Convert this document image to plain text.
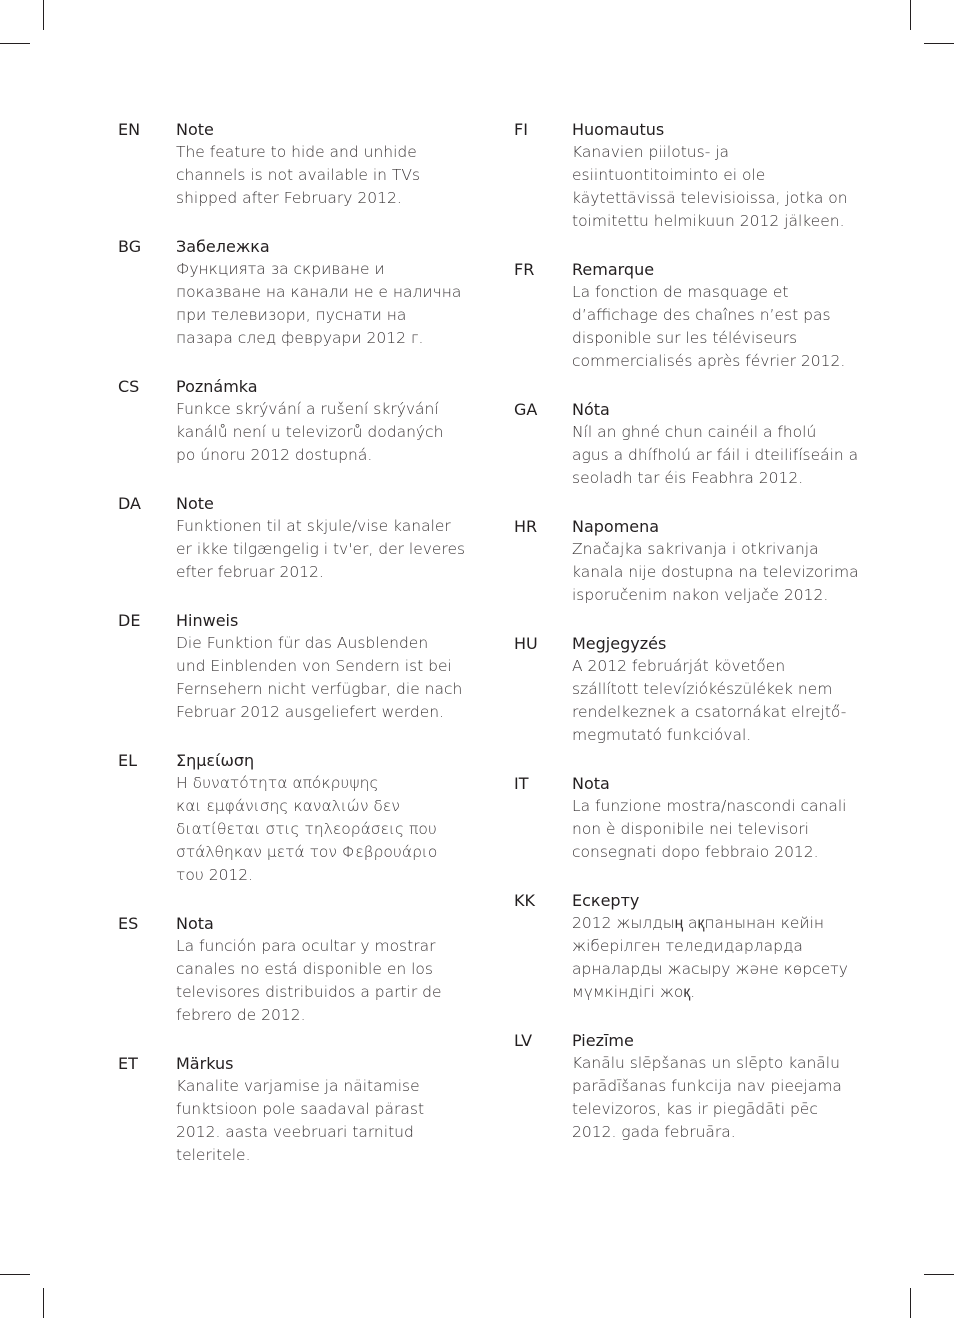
EN	Note
The feature to hide and unhide
channels is not available in TVs
shipped after February 2012.
BG	Забележка
Функцията за скриване и
показване на канали не е налична
при телевизори, пуснати на
пазара след февруари 2012 г.
CS	Poznámka
Funkce skrývání a rušení skrývání
kanálů není u televizorů dodaných
po únoru 2012 dostupná.
DA	Note
Funktionen til at skjule/vise kanaler
er ikke tilgængelig i tv'er, der leveres
efter februar 2012.
DE	Hinweis
Die Funktion für das Ausblenden
und Einblenden von Sendern ist bei
Fernsehern nicht verfügbar, die nach
Februar 2012 ausgeliefert werden.
EL	Σημείωση
Η δυνατότητα απόκρυψης
και εμφάνισης καναλιών δεν
διατίθεται στις τηλεοράσεις που
στάλθηκαν μετά τον Φεβρουάριο
του 2012.
ES	Nota
La función para ocultar y mostrar
canales no está disponible en los
televisores distribuidos a partir de
febrero de 2012.
ET	Märkus
Kanalite varjamise ja näitamise
funktsioon pole saadaval pärast
2012. aasta veebruari tarnitud
teleritele.
FI	Huomautus
Kanavien piilotus- ja
esiintuontitoiminto ei ole
käytettävissä televisioissa, jotka on
toimitettu helmikuun 2012 jälkeen.
FR	Remarque
La fonction de masquage et
d’affichage des chaînes n’est pas
disponible sur les téléviseurs
commercialisés après février 2012.
GA	Nóta
Níl an ghné chun cainéil a fholú
agus a dhífholú ar fáil i dteilifíseáin a
seoladh tar éis Feabhra 2012.
HR	Napomena
Značajka sakrivanja i otkrivanja
kanala nije dostupna na televizorima
isporučenim nakon veljače 2012.
HU	Megjegyzés
A 2012 februárját követően
szállított televíziókészülékek nem
rendelkeznek a csatornákat elrejtő-
megmutató funkcióval.
IT	Nota
La funzione mostra/nascondi canali
non è disponibile nei televisori
consegnati dopo febbraio 2012.
KK	Ескерту
2012 жылдың ақпанынан кейін
жіберілген теледидарларда
арналарды жасыру және көрсету
мүмкіндігі жоқ.
LV	Piezīme
Kanālu slēpšanas un slēpto kanālu
parādīšanas funkcija nav pieejama
televizoros, kas ir piegādāti pēc
2012. gada februāra.
